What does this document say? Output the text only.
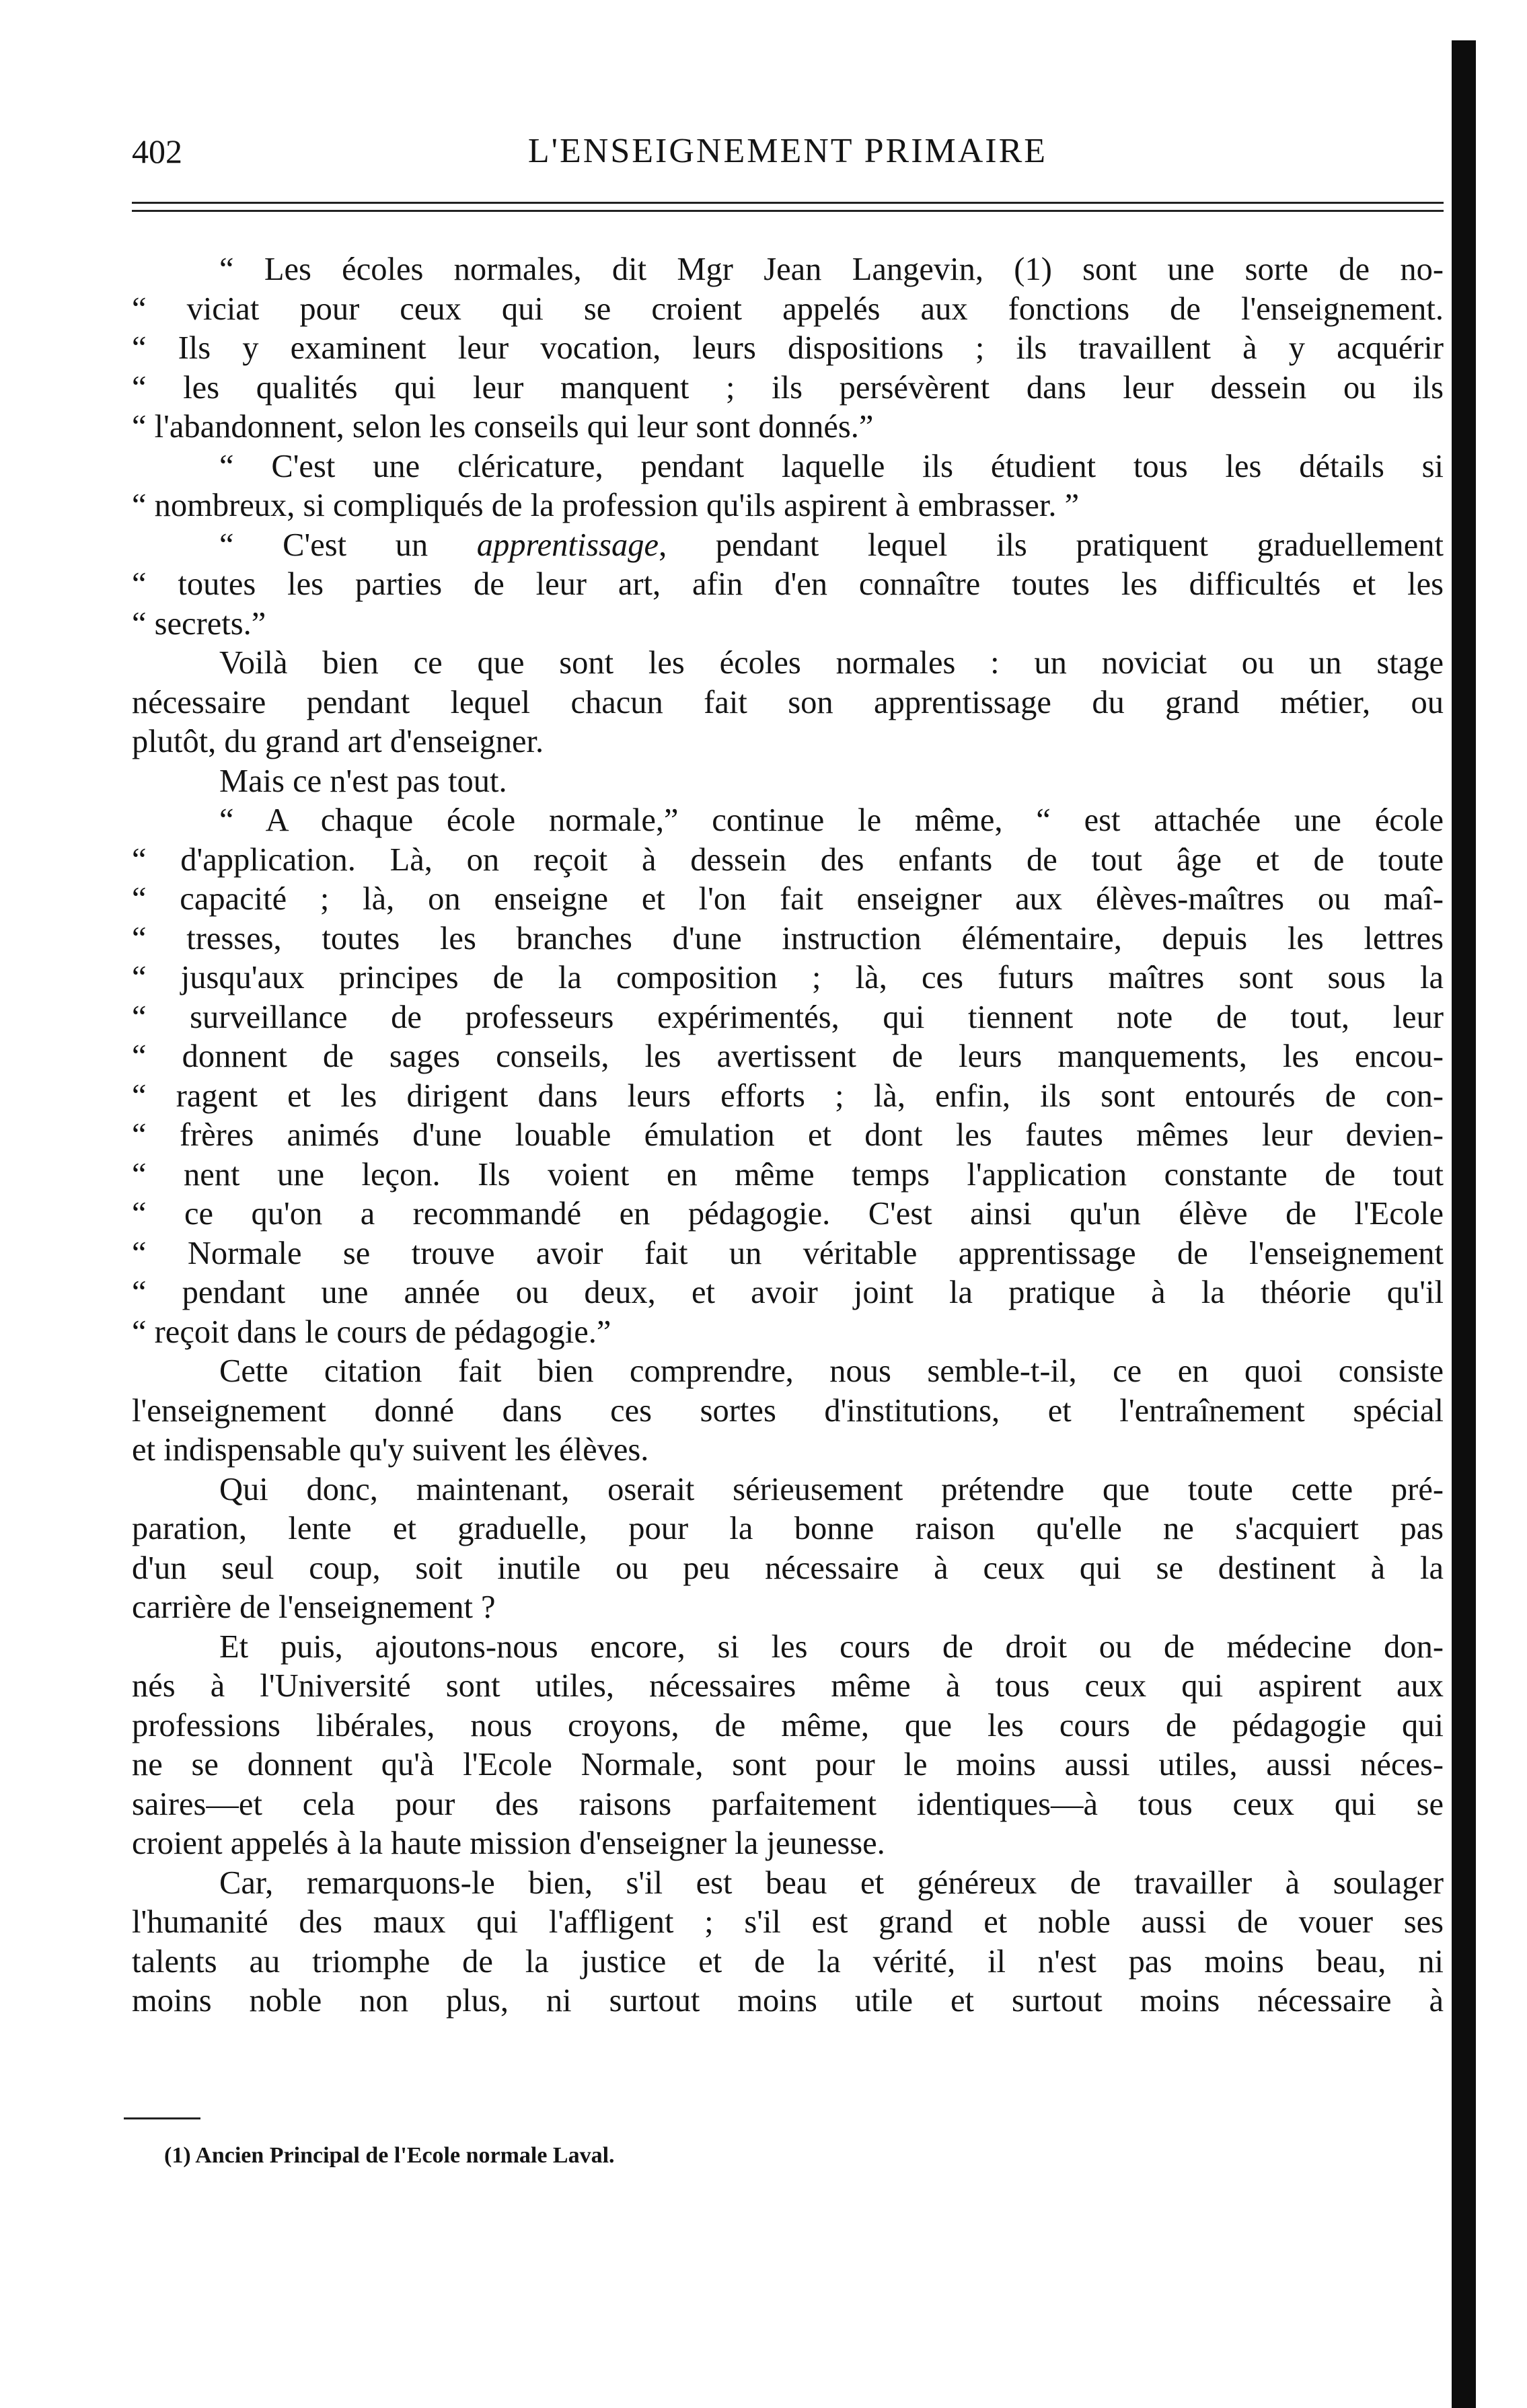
402	L'ENSEIGNEMENT PRIMAIRE
“ Les écoles normales, dit Mgr Jean Langevin, (1) sont une sorte de no-
“ viciat pour ceux qui se croient appelés aux fonctions de l'enseignement.
“ Ils y examinent leur vocation, leurs dispositions ; ils travaillent à y acquérir
“ les qualités qui leur manquent ; ils persévèrent dans leur dessein ou ils
“ l'abandonnent, selon les conseils qui leur sont donnés.”
“ C'est une cléricature, pendant laquelle ils étudient tous les détails si
“ nombreux, si compliqués de la profession qu'ils aspirent à embrasser. ”
“ C'est un apprentissage, pendant lequel ils pratiquent graduellement
“ toutes les parties de leur art, afin d'en connaître toutes les difficultés et les
“ secrets.”
Voilà bien ce que sont les écoles normales : un noviciat ou un stage
nécessaire pendant lequel chacun fait son apprentissage du grand métier, ou
plutôt, du grand art d'enseigner.
Mais ce n'est pas tout.
“ A chaque école normale,” continue le même, “ est attachée une école
“ d'application. Là, on reçoit à dessein des enfants de tout âge et de toute
“ capacité ; là, on enseigne et l'on fait enseigner aux élèves-maîtres ou maî-
“ tresses, toutes les branches d'une instruction élémentaire, depuis les lettres
“ jusqu'aux principes de la composition ; là, ces futurs maîtres sont sous la
“ surveillance de professeurs expérimentés, qui tiennent note de tout, leur
“ donnent de sages conseils, les avertissent de leurs manquements, les encou-
“ ragent et les dirigent dans leurs efforts ; là, enfin, ils sont entourés de con-
“ frères animés d'une louable émulation et dont les fautes mêmes leur devien-
“ nent une leçon. Ils voient en même temps l'application constante de tout
“ ce qu'on a recommandé en pédagogie. C'est ainsi qu'un élève de l'Ecole
“ Normale se trouve avoir fait un véritable apprentissage de l'enseignement
“ pendant une année ou deux, et avoir joint la pratique à la théorie qu'il
“ reçoit dans le cours de pédagogie.”
Cette citation fait bien comprendre, nous semble-t-il, ce en quoi consiste
l'enseignement donné dans ces sortes d'institutions, et l'entraînement spécial
et indispensable qu'y suivent les élèves.
Qui donc, maintenant, oserait sérieusement prétendre que toute cette pré-
paration, lente et graduelle, pour la bonne raison qu'elle ne s'acquiert pas
d'un seul coup, soit inutile ou peu nécessaire à ceux qui se destinent à la
carrière de l'enseignement ?
Et puis, ajoutons-nous encore, si les cours de droit ou de médecine don-
nés à l'Université sont utiles, nécessaires même à tous ceux qui aspirent aux
professions libérales, nous croyons, de même, que les cours de pédagogie qui
ne se donnent qu'à l'Ecole Normale, sont pour le moins aussi utiles, aussi néces-
saires—et cela pour des raisons parfaitement identiques—à tous ceux qui se
croient appelés à la haute mission d'enseigner la jeunesse.
Car, remarquons-le bien, s'il est beau et généreux de travailler à soulager
l'humanité des maux qui l'affligent ; s'il est grand et noble aussi de vouer ses
talents au triomphe de la justice et de la vérité, il n'est pas moins beau, ni
moins noble non plus, ni surtout moins utile et surtout moins nécessaire à
(1) Ancien Principal de l'Ecole normale Laval.
